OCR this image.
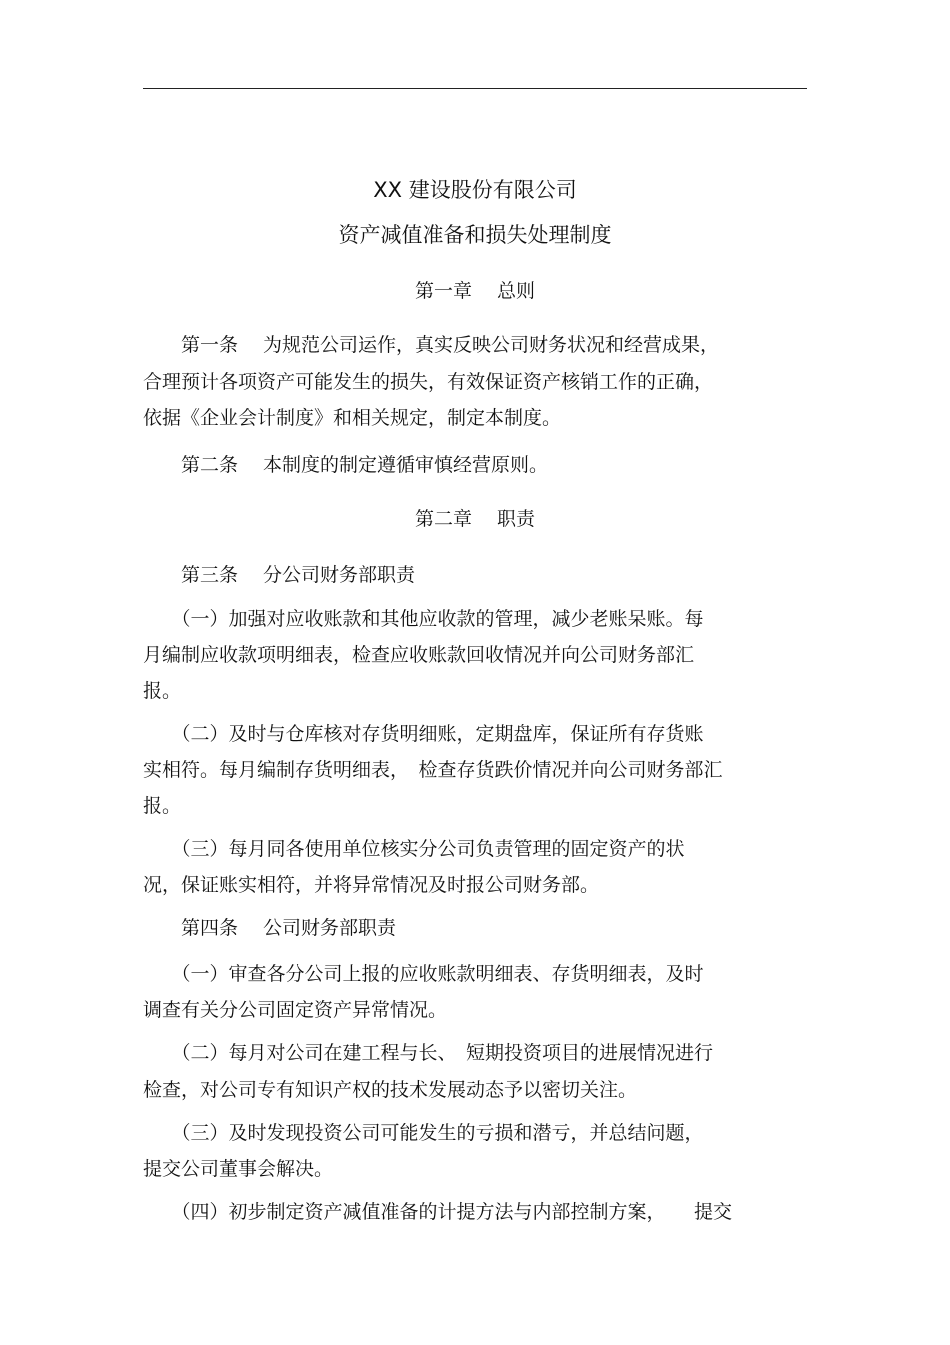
XX 建设股份有限公司
资产减值准备和损失处理制度
第一章　 总则
　　第一条　 为规范公司运作，真实反映公司财务状况和经营成果，
合理预计各项资产可能发生的损失，有效保证资产核销工作的正确，
依据《企业会计制度》和相关规定，制定本制度。
　　第二条　 本制度的制定遵循审慎经营原则。
第二章　 职责
　　第三条　 分公司财务部职责
　　（一）加强对应收账款和其他应收款的管理，减少老账呆账。每
月编制应收款项明细表，检查应收账款回收情况并向公司财务部汇
报。
　　（二）及时与仓库核对存货明细账，定期盘库，保证所有存货账
实相符。每月编制存货明细表，　检查存货跌价情况并向公司财务部汇
报。
　　（三）每月同各使用单位核实分公司负责管理的固定资产的状
况，保证账实相符，并将异常情况及时报公司财务部。
　　第四条　 公司财务部职责
　　（一）审查各分公司上报的应收账款明细表、存货明细表，及时
调查有关分公司固定资产异常情况。
　　（二）每月对公司在建工程与长、　短期投资项目的进展情况进行
检查，对公司专有知识产权的技术发展动态予以密切关注。
　　（三）及时发现投资公司可能发生的亏损和潜亏，并总结问题，
提交公司董事会解决。
　　（四）初步制定资产减值准备的计提方法与内部控制方案，　　提交
